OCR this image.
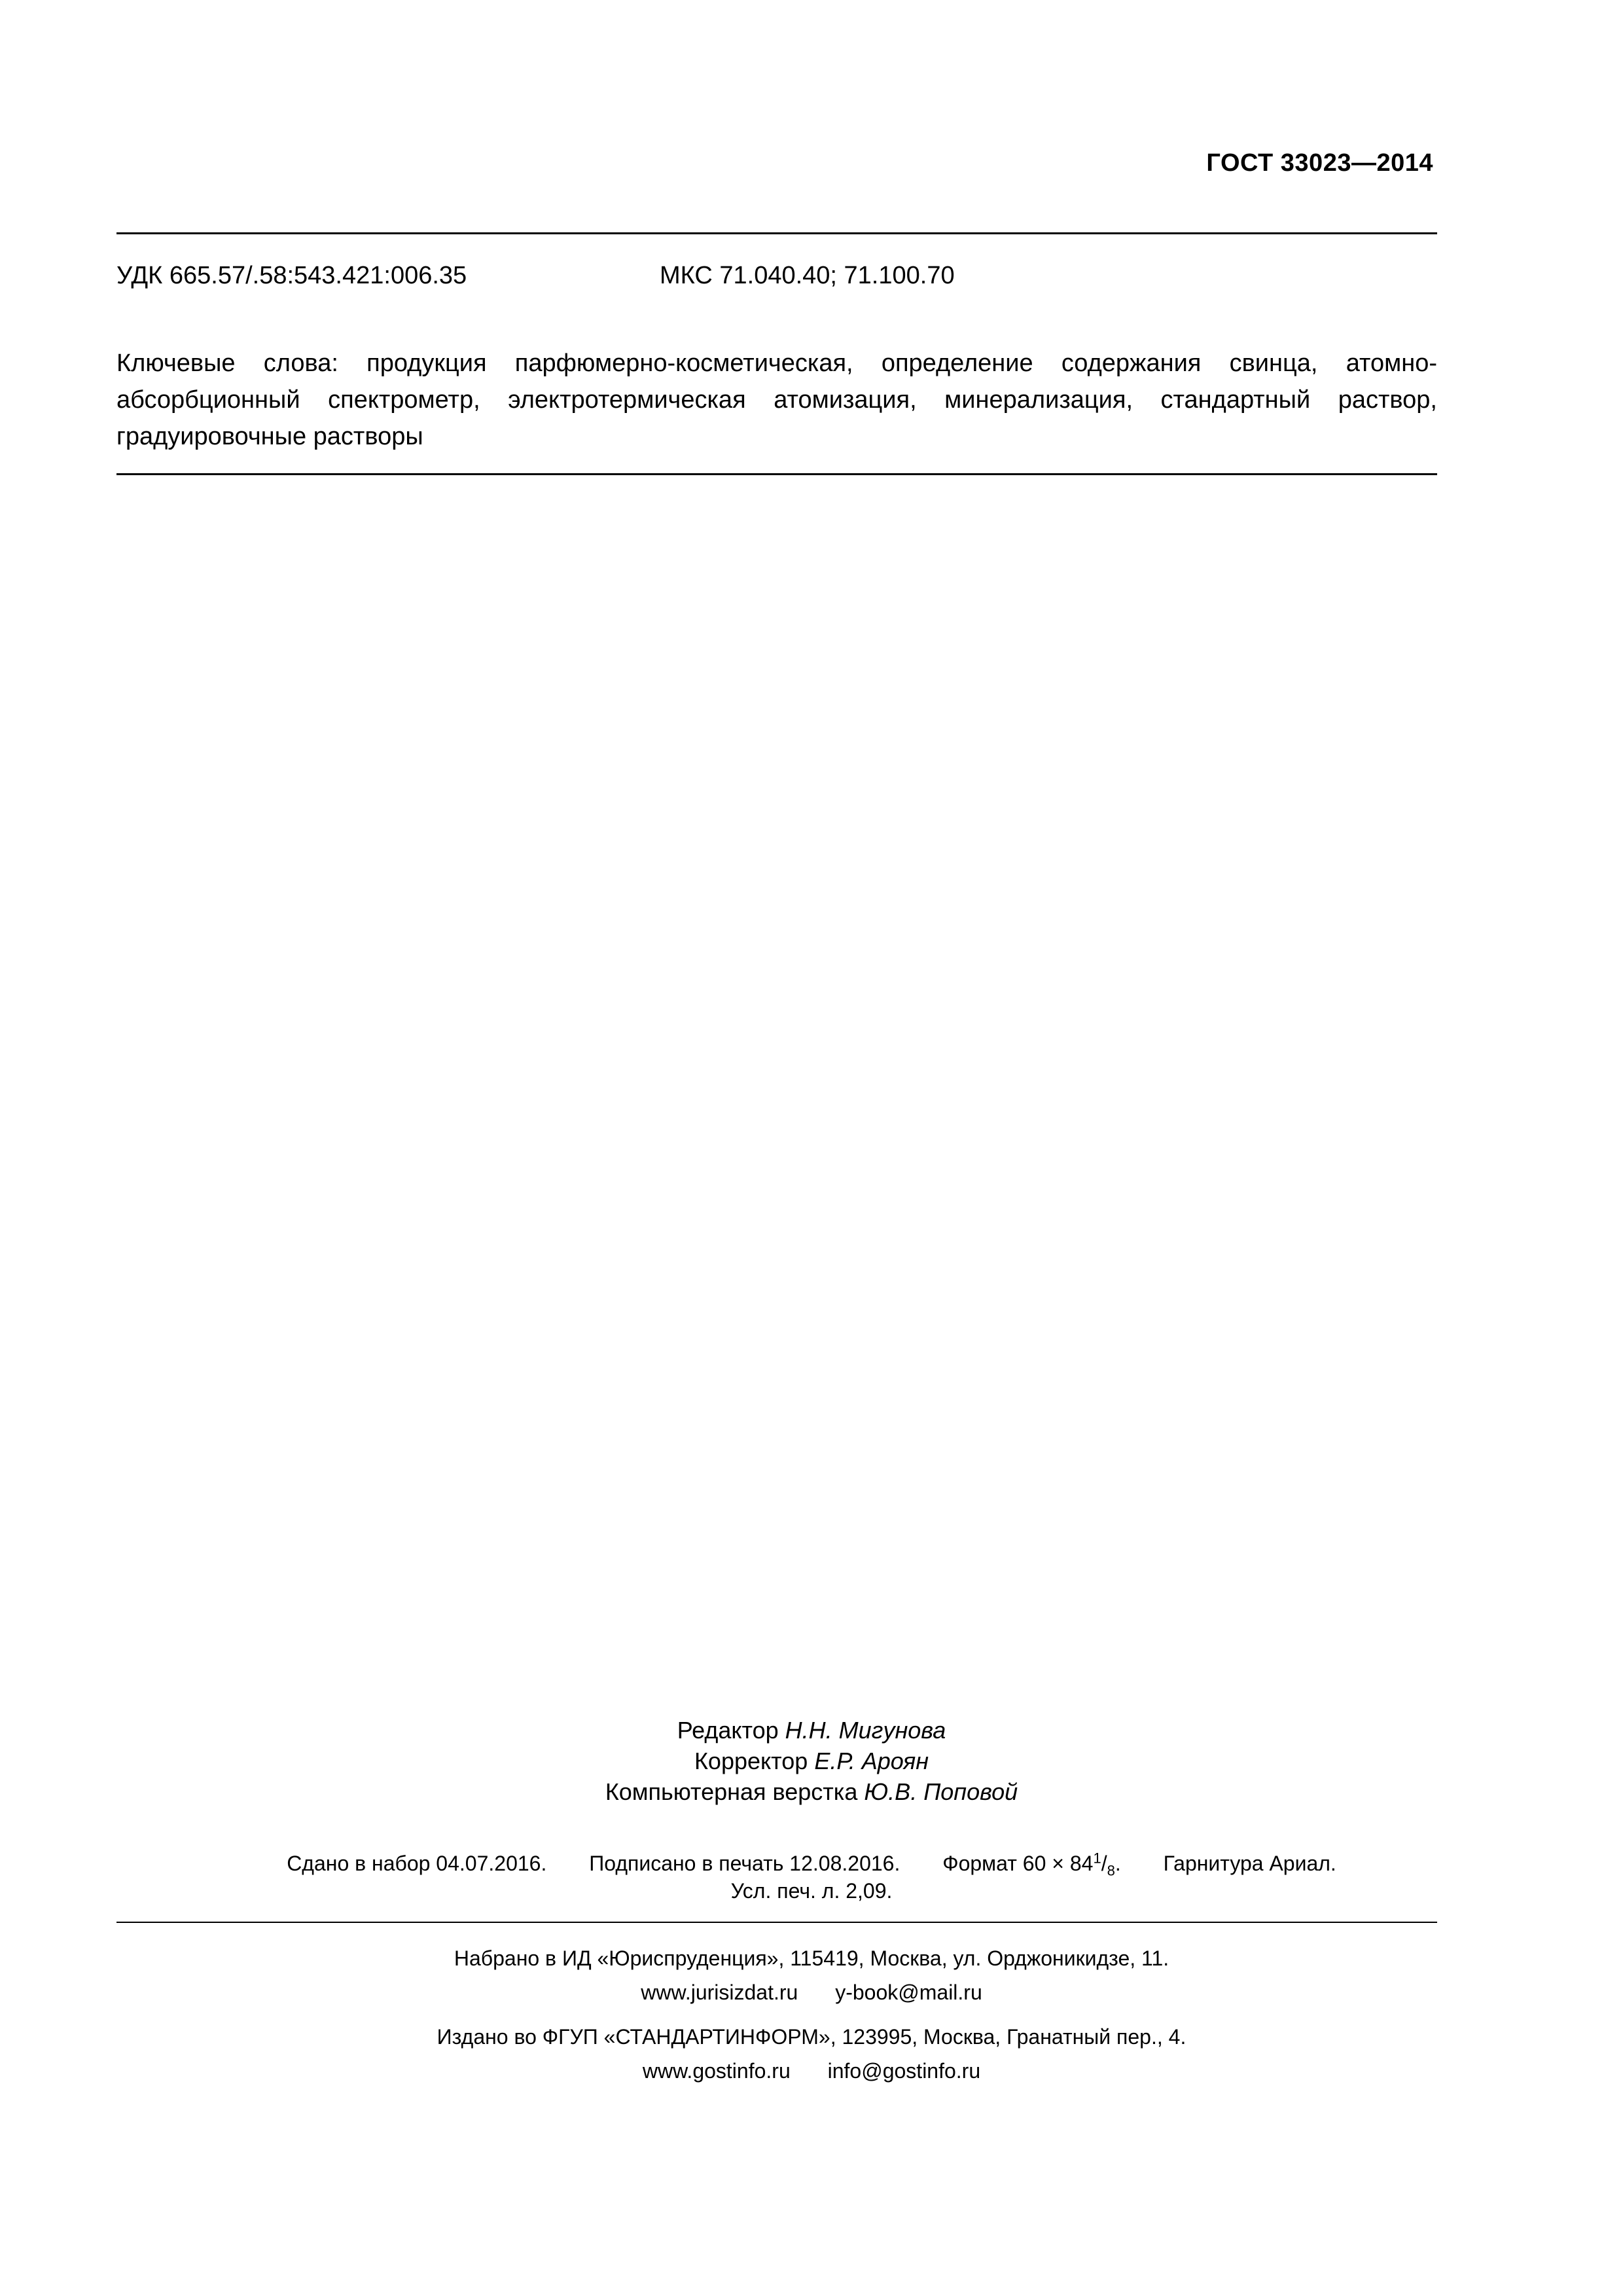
ГОСТ 33023—2014
УДК 665.57/.58:543.421:006.35	МКС 71.040.40; 71.100.70
Ключевые слова: продукция парфюмерно-косметическая, определение содержания свинца, атомно-абсорбционный спектрометр, электротермическая атомизация, минерализация, стандартный раствор, градуировочные растворы
Редактор Н.Н. Мигунова
Корректор Е.Р. Ароян
Компьютерная верстка Ю.В. Поповой
Сдано в набор 04.07.2016. Подписано в печать 12.08.2016. Формат $60 \times 84^1/_8$. Гарнитура Ариал.
Усл. печ. л. 2,09.
Набрано в ИД «Юриспруденция», 115419, Москва, ул. Орджоникидзе, 11.
www.jurisizdat.ru y-book@mail.ru
Издано во ФГУП «СТАНДАРТИНФОРМ», 123995, Москва, Гранатный пер., 4.
www.gostinfo.ru info@gostinfo.ru
